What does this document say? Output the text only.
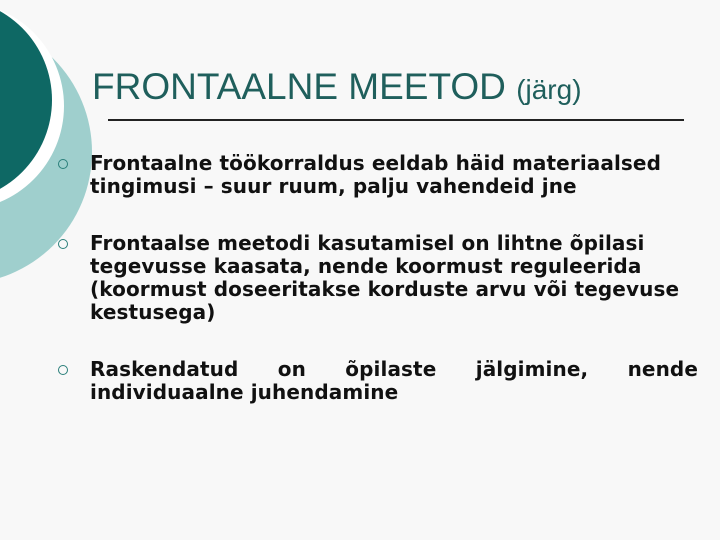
FRONTAALNE MEETOD (järg)
Frontaalne töökorraldus eeldab häid materiaalsed tingimusi – suur ruum, palju vahendeid jne
Frontaalse meetodi kasutamisel on lihtne õpilasi tegevusse kaasata, nende koormust reguleerida (koormust doseeritakse korduste arvu või tegevuse kestusega)
Raskendatud on õpilaste jälgimine, nende individuaalne juhendamine
